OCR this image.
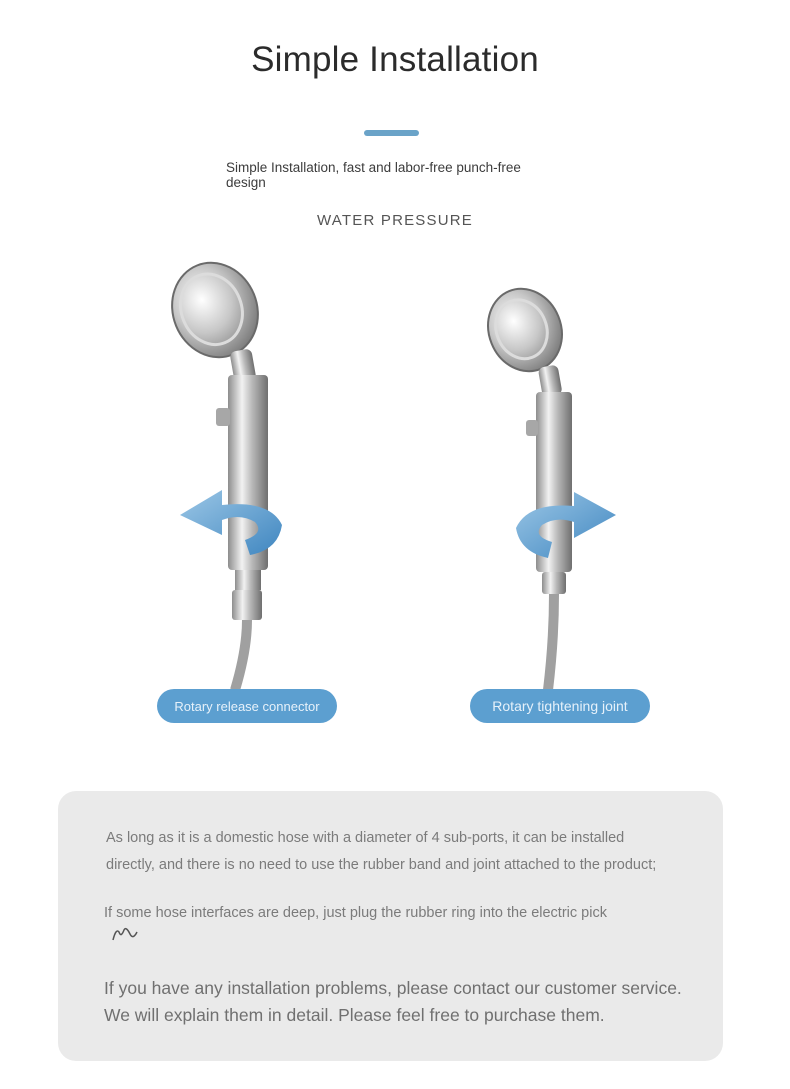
Simple Installation
Simple Installation, fast and labor-free punch-free design
WATER PRESSURE
Rotary release connector	Rotary tightening joint
As long as it is a domestic hose with a diameter of 4 sub-ports, it can be installed directly, and there is no need to use the rubber band and joint attached to the product;
If some hose interfaces are deep, just plug the rubber ring into the electric pick
If you have any installation problems, please contact our customer service. We will explain them in detail. Please feel free to purchase them.
